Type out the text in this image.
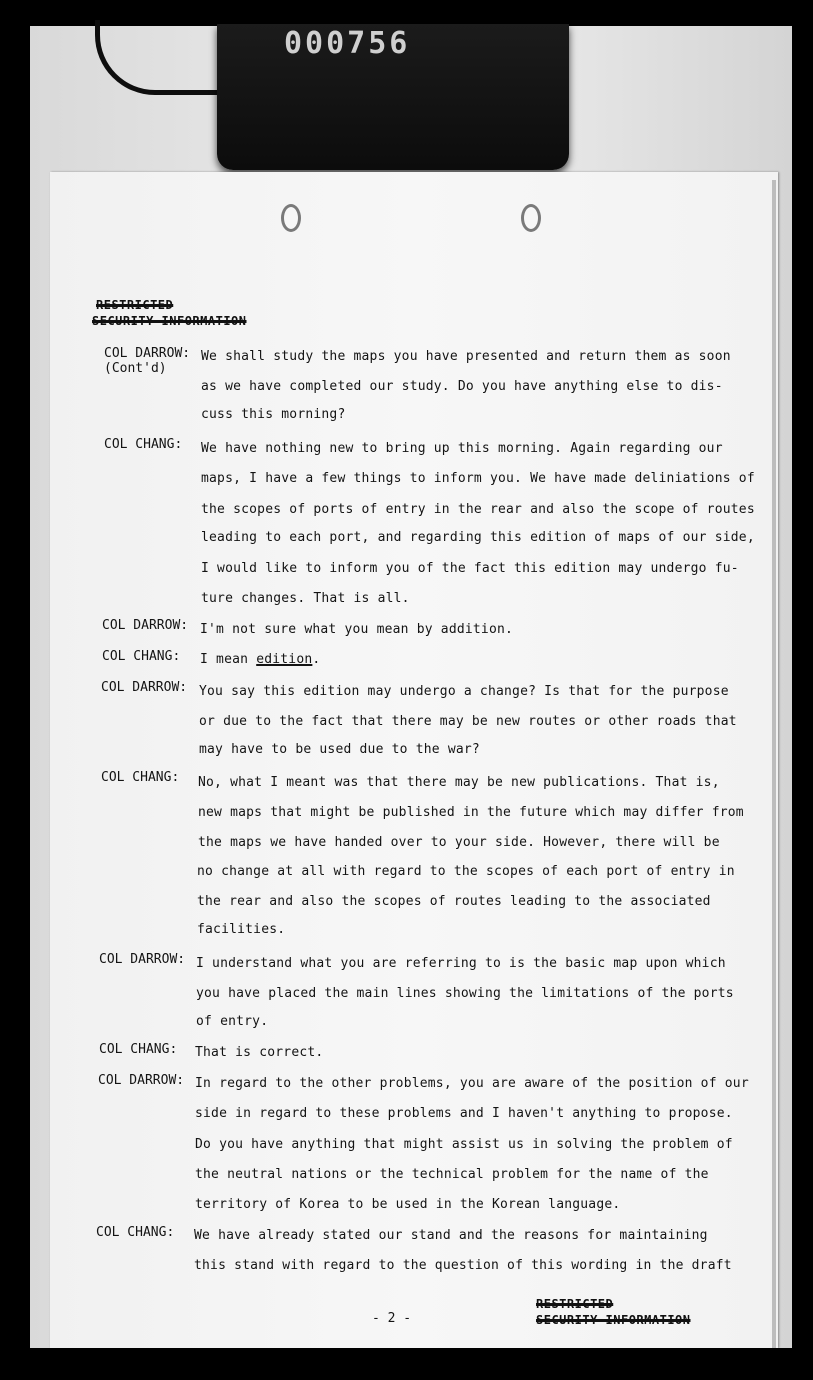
000756
RESTRICTED
SECURITY INFORMATION
COL DARROW:
(Cont'd)
We shall study the maps you have presented and return them as soon
as we have completed our study. Do you have anything else to dis-
cuss this morning?
COL CHANG: We have nothing new to bring up this morning. Again regarding our
maps, I have a few things to inform you. We have made deliniations of
the scopes of ports of entry in the rear and also the scope of routes
leading to each port, and regarding this edition of maps of our side,
I would like to inform you of the fact this edition may undergo fu-
ture changes. That is all.
COL DARROW: I'm not sure what you mean by addition.
COL CHANG: I mean edition.
COL DARROW: You say this edition may undergo a change? Is that for the purpose
or due to the fact that there may be new routes or other roads that
may have to be used due to the war?
COL CHANG: No, what I meant was that there may be new publications. That is,
new maps that might be published in the future which may differ from
the maps we have handed over to your side. However, there will be
no change at all with regard to the scopes of each port of entry in
the rear and also the scopes of routes leading to the associated
facilities.
COL DARROW: I understand what you are referring to is the basic map upon which
you have placed the main lines showing the limitations of the ports
of entry.
COL CHANG: That is correct.
COL DARROW: In regard to the other problems, you are aware of the position of our
side in regard to these problems and I haven't anything to propose.
Do you have anything that might assist us in solving the problem of
the neutral nations or the technical problem for the name of the
territory of Korea to be used in the Korean language.
COL CHANG: We have already stated our stand and the reasons for maintaining
this stand with regard to the question of this wording in the draft
- 2 -
RESTRICTED
SECURITY INFORMATION
